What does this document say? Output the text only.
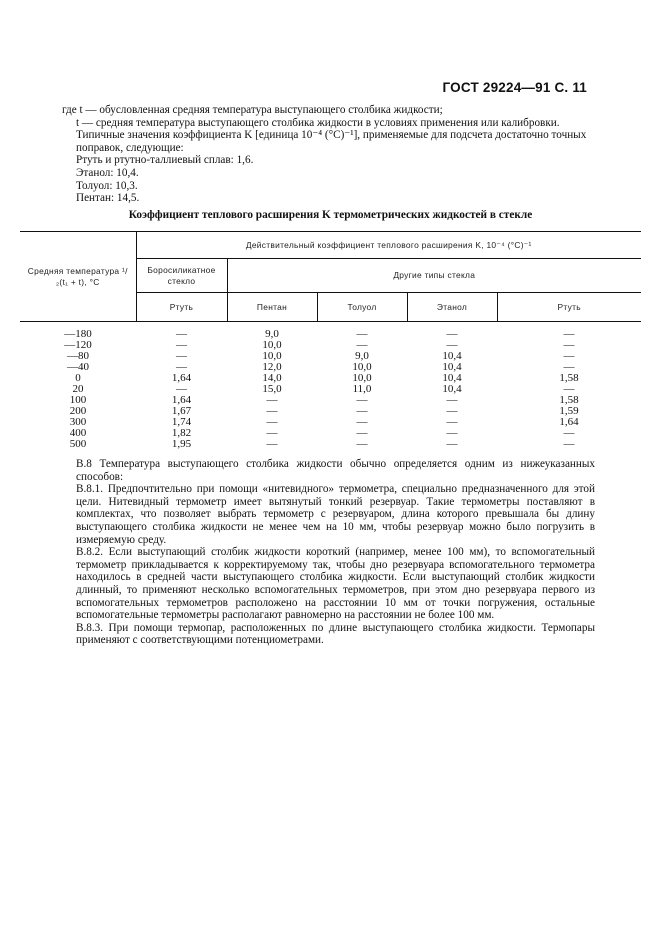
ГОСТ 29224—91 С. 11

где t — обусловленная средняя температура выступающего столбика жидкости;

t — средняя температура выступающего столбика жидкости в условиях применения или калибровки.

Типичные значения коэффициента K [единица 10⁻⁴ (°C)⁻¹], применяемые для подсчета достаточно точных поправок, следующие:

Ртуть и ртутно-таллиевый сплав: 1,6.

Этанол: 10,4.

Толуол: 10,3.

Пентан: 14,5.

Коэффициент теплового расширения K термометрических жидкостей в стекле
Средняя температура ¹/₂(t₁ + t), °С	Действительный коэффициент теплового расширения K, 10⁻⁴ (°С)⁻¹				
	Боросиликатное стекло	Другие типы стекла			
	Ртуть	Пентан	Толуол	Этанол	Ртуть
—180	—	9,0	—	—	—
—120	—	10,0	—	—	—
—80	—	10,0	9,0	10,4	—
—40	—	12,0	10,0	10,4	—
0	1,64	14,0	10,0	10,4	1,58
20	—	15,0	11,0	10,4	—
100	1,64	—	—	—	1,58
200	1,67	—	—	—	1,59
300	1,74	—	—	—	1,64
400	1,82	—	—	—	—
500	1,95	—	—	—	—

В.8 Температура выступающего столбика жидкости обычно определяется одним из нижеуказанных способов:

В.8.1. Предпочтительно при помощи «нитевидного» термометра, специально предназначенного для этой цели. Нитевидный термометр имеет вытянутый тонкий резервуар. Такие термометры поставляют в комплектах, что позволяет выбрать термометр с резервуаром, длина которого превышала бы длину выступающего столбика жидкости не менее чем на 10 мм, чтобы резервуар можно было погрузить в измеряемую среду.

В.8.2. Если выступающий столбик жидкости короткий (например, менее 100 мм), то вспомогательный термометр прикладывается к корректируемому так, чтобы дно резервуара вспомогательного термометра находилось в средней части выступающего столбика жидкости. Если выступающий столбик жидкости длинный, то применяют несколько вспомогательных термометров, при этом дно резервуара первого из вспомогательных термометров расположено на расстоянии 10 мм от точки погружения, остальные вспомогательные термометры располагают равномерно на расстоянии не более 100 мм.

В.8.3. При помощи термопар, расположенных по длине выступающего столбика жидкости. Термопары применяют с соответствующими потенциометрами.
